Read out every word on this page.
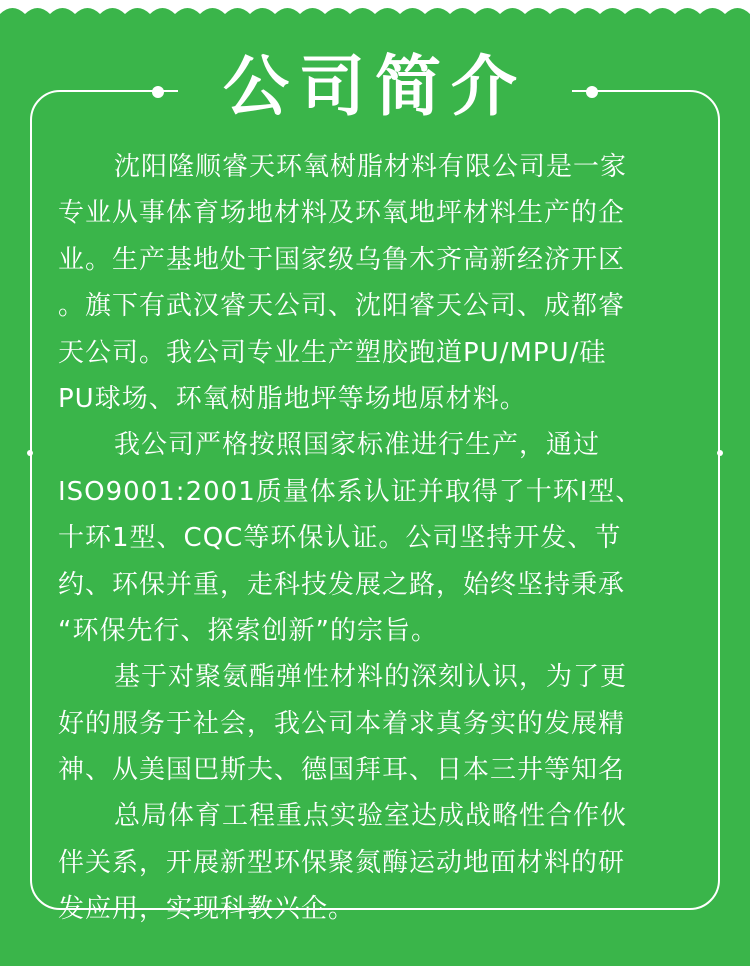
公司简介
沈阳隆顺睿天环氧树脂材料有限公司是一家
专业从事体育场地材料及环氧地坪材料生产的企
业。生产基地处于国家级乌鲁木齐高新经济开区
。旗下有武汉睿天公司、沈阳睿天公司、成都睿
天公司。我公司专业生产塑胶跑道PU/MPU/硅
PU球场、环氧树脂地坪等场地原材料。
我公司严格按照国家标准进行生产，通过
ISO9001:2001质量体系认证并取得了十环I型、
十环1型、CQC等环保认证。公司坚持开发、节
约、环保并重，走科技发展之路，始终坚持秉承
“环保先行、探索创新”的宗旨。
基于对聚氨酯弹性材料的深刻认识，为了更
好的服务于社会，我公司本着求真务实的发展精
神、从美国巴斯夫、德国拜耳、日本三井等知名
总局体育工程重点实验室达成战略性合作伙
伴关系，开展新型环保聚氮酶运动地面材料的研
发应用，实现科教兴企。
